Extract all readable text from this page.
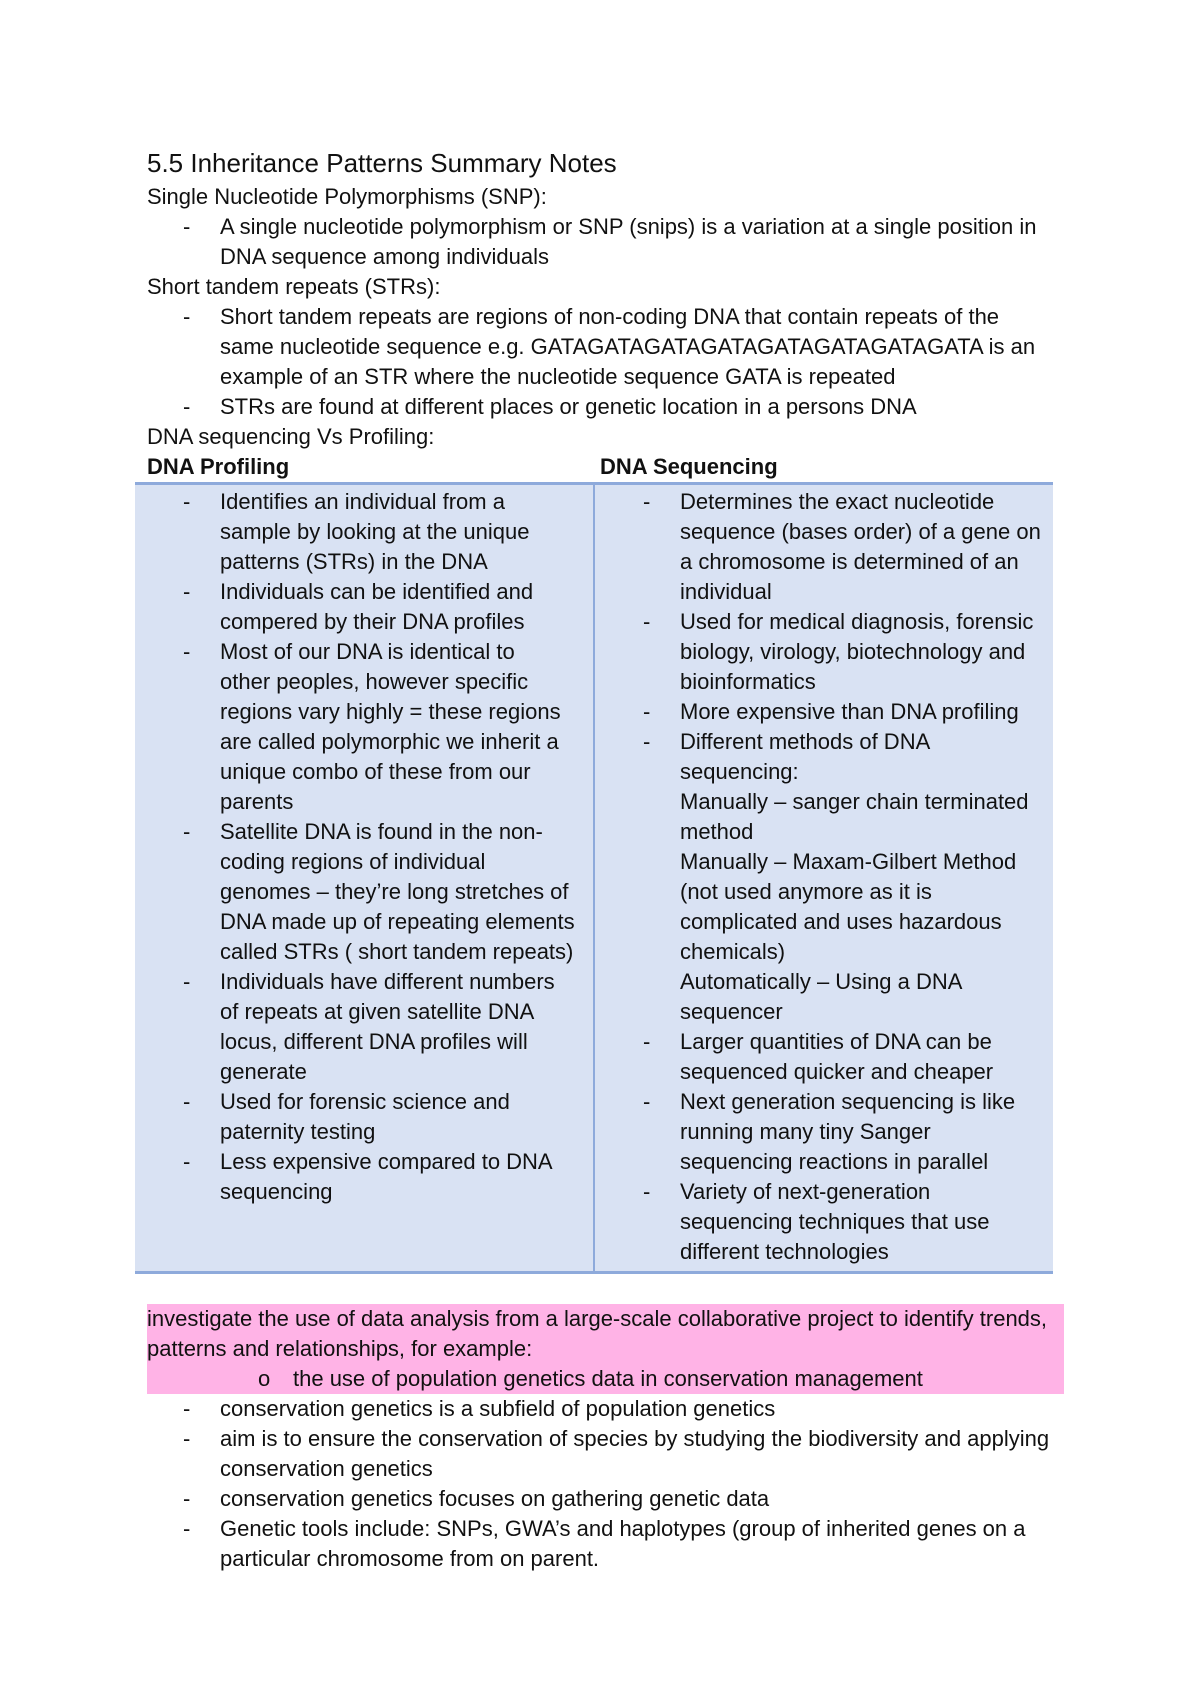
5.5 Inheritance Patterns Summary Notes

Single Nucleotide Polymorphisms (SNP):

- A single nucleotide polymorphism or SNP (snips) is a variation at a single position in
DNA sequence among individuals

Short tandem repeats (STRs):

- Short tandem repeats are regions of non-coding DNA that contain repeats of the
same nucleotide sequence e.g. GATAGATAGATAGATAGATAGATAGATAGATA is an
example of an STR where the nucleotide sequence GATA is repeated
- STRs are found at different places or genetic location in a persons DNA

DNA sequencing Vs Profiling:

DNA Profiling	DNA Sequencing
- Identifies an individual from a
sample by looking at the unique
patterns (STRs) in the DNA
- Individuals can be identified and
compered by their DNA profiles
- Most of our DNA is identical to
other peoples, however specific
regions vary highly = these regions
are called polymorphic we inherit a
unique combo of these from our
parents
- Satellite DNA is found in the non-
coding regions of individual
genomes – they’re long stretches of
DNA made up of repeating elements
called STRs ( short tandem repeats)
- Individuals have different numbers
of repeats at given satellite DNA
locus, different DNA profiles will
generate
- Used for forensic science and
paternity testing
- Less expensive compared to DNA
sequencing
- Determines the exact nucleotide
sequence (bases order) of a gene on
a chromosome is determined of an
individual
- Used for medical diagnosis, forensic
biology, virology, biotechnology and
bioinformatics
- More expensive than DNA profiling
- Different methods of DNA
sequencing:
Manually – sanger chain terminated
method
Manually – Maxam-Gilbert Method
(not used anymore as it is
complicated and uses hazardous
chemicals)
Automatically – Using a DNA
sequencer
- Larger quantities of DNA can be
sequenced quicker and cheaper
- Next generation sequencing is like
running many tiny Sanger
sequencing reactions in parallel
- Variety of next-generation
sequencing techniques that use
different technologies
investigate the use of data analysis from a large-scale collaborative project to identify trends,
patterns and relationships, for example:
o the use of population genetics data in conservation management
- conservation genetics is a subfield of population genetics
- aim is to ensure the conservation of species by studying the biodiversity and applying
conservation genetics
- conservation genetics focuses on gathering genetic data
- Genetic tools include: SNPs, GWA’s and haplotypes (group of inherited genes on a
particular chromosome from on parent.
